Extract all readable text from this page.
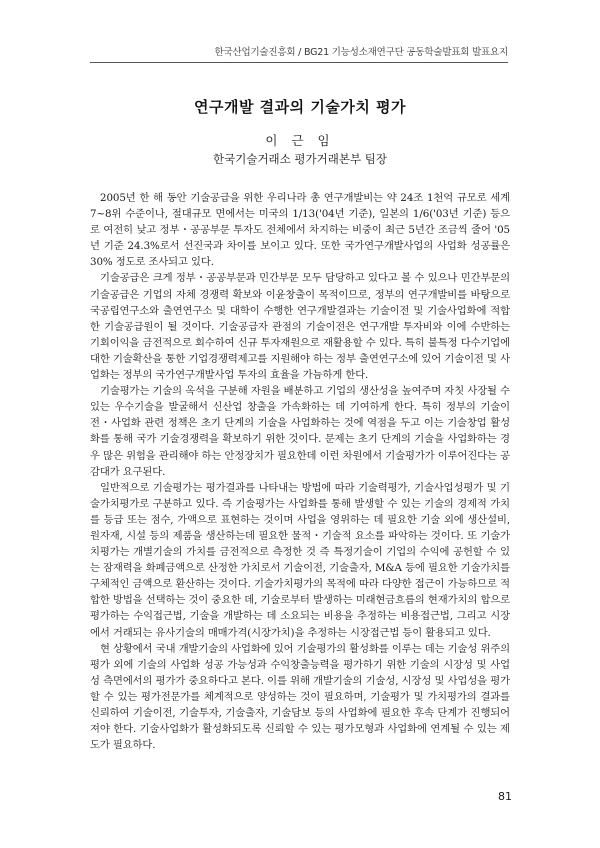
한국산업기술진흥회 / BG21 기능성소재연구단 공동학술발표회 발표요지
연구개발 결과의 기술가치 평가
이 근 임
한국기술거래소 평가거래본부 팀장

2005년 한 해 동안 기술공급을 위한 우리나라 총 연구개발비는 약 24조 1천억 규모로 세계 7~8위 수준이나, 절대규모 면에서는 미국의 1/13('04년 기준), 일본의 1/6('03년 기준) 등으로 여전히 낮고 정부・공공부문 투자도 전체에서 차지하는 비중이 최근 5년간 조금씩 줄어 '05년 기준 24.3%로서 선진국과 차이를 보이고 있다. 또한 국가연구개발사업의 사업화 성공률은 30% 정도로 조사되고 있다.

기술공급은 크게 정부・공공부문과 민간부문 모두 담당하고 있다고 볼 수 있으나 민간부문의 기술공급은 기업의 자체 경쟁력 확보와 이윤창출이 목적이므로, 정부의 연구개발비를 바탕으로 국공립연구소와 출연연구소 및 대학이 수행한 연구개발결과는 기술이전 및 기술사업화에 적합한 기술공급원이 될 것이다. 기술공급자 관점의 기술이전은 연구개발 투자비와 이에 수반하는 기회이익을 금전적으로 회수하여 신규 투자재원으로 재활용할 수 있다. 특히 불특정 다수기업에 대한 기술확산을 통한 기업경쟁력제고를 지원해야 하는 정부 출연연구소에 있어 기술이전 및 사업화는 정부의 국가연구개발사업 투자의 효율을 가늠하게 한다.

기술평가는 기술의 옥석을 구분해 자원을 배분하고 기업의 생산성을 높여주며 자칫 사장될 수 있는 우수기술을 발굴해서 신산업 창출을 가속화하는 데 기여하게 한다. 특히 정부의 기술이전・사업화 관련 정책은 초기 단계의 기술을 사업화하는 것에 역점을 두고 이는 기술창업 활성화를 통해 국가 기술경쟁력을 확보하기 위한 것이다. 문제는 초기 단계의 기술을 사업화하는 경우 많은 위험을 관리해야 하는 안정장치가 필요한데 이런 차원에서 기술평가가 이루어진다는 공감대가 요구된다.

일반적으로 기술평가는 평가결과를 나타내는 방법에 따라 기술력평가, 기술사업성평가 및 기술가치평가로 구분하고 있다. 즉 기술평가는 사업화를 통해 발생할 수 있는 기술의 경제적 가치를 등급 또는 점수, 가액으로 표현하는 것이며 사업을 영위하는 데 필요한 기술 외에 생산설비, 원자재, 시설 등의 제품을 생산하는데 필요한 물적・기술적 요소를 파악하는 것이다. 또 기술가치평가는 개별기술의 가치를 금전적으로 측정한 것 즉 특정기술이 기업의 수익에 공헌할 수 있는 잠재력을 화폐금액으로 산정한 가치로서 기술이전, 기술출자, M&A 등에 필요한 기술가치를 구체적인 금액으로 환산하는 것이다. 기술가치평가의 목적에 따라 다양한 접근이 가능하므로 적합한 방법을 선택하는 것이 중요한 데, 기술로부터 발생하는 미래현금흐름의 현재가치의 합으로 평가하는 수익접근법, 기술을 개발하는 데 소요되는 비용을 추정하는 비용접근법, 그리고 시장에서 거래되는 유사기술의 매매가격(시장가치)을 추정하는 시장접근법 등이 활용되고 있다.

현 상황에서 국내 개발기술의 사업화에 있어 기술평가의 활성화를 이루는 데는 기술성 위주의 평가 외에 기술의 사업화 성공 가능성과 수익창출능력을 평가하기 위한 기술의 시장성 및 사업성 측면에서의 평가가 중요하다고 본다. 이를 위해 개발기술의 기술성, 시장성 및 사업성을 평가할 수 있는 평가전문가를 체계적으로 양성하는 것이 필요하며, 기술평가 및 가치평가의 결과를 신뢰하여 기술이전, 기술투자, 기술출자, 기술담보 등의 사업화에 필요한 후속 단계가 진행되어져야 한다. 기술사업화가 활성화되도록 신뢰할 수 있는 평가모형과 사업화에 연계될 수 있는 제도가 필요하다.

81
